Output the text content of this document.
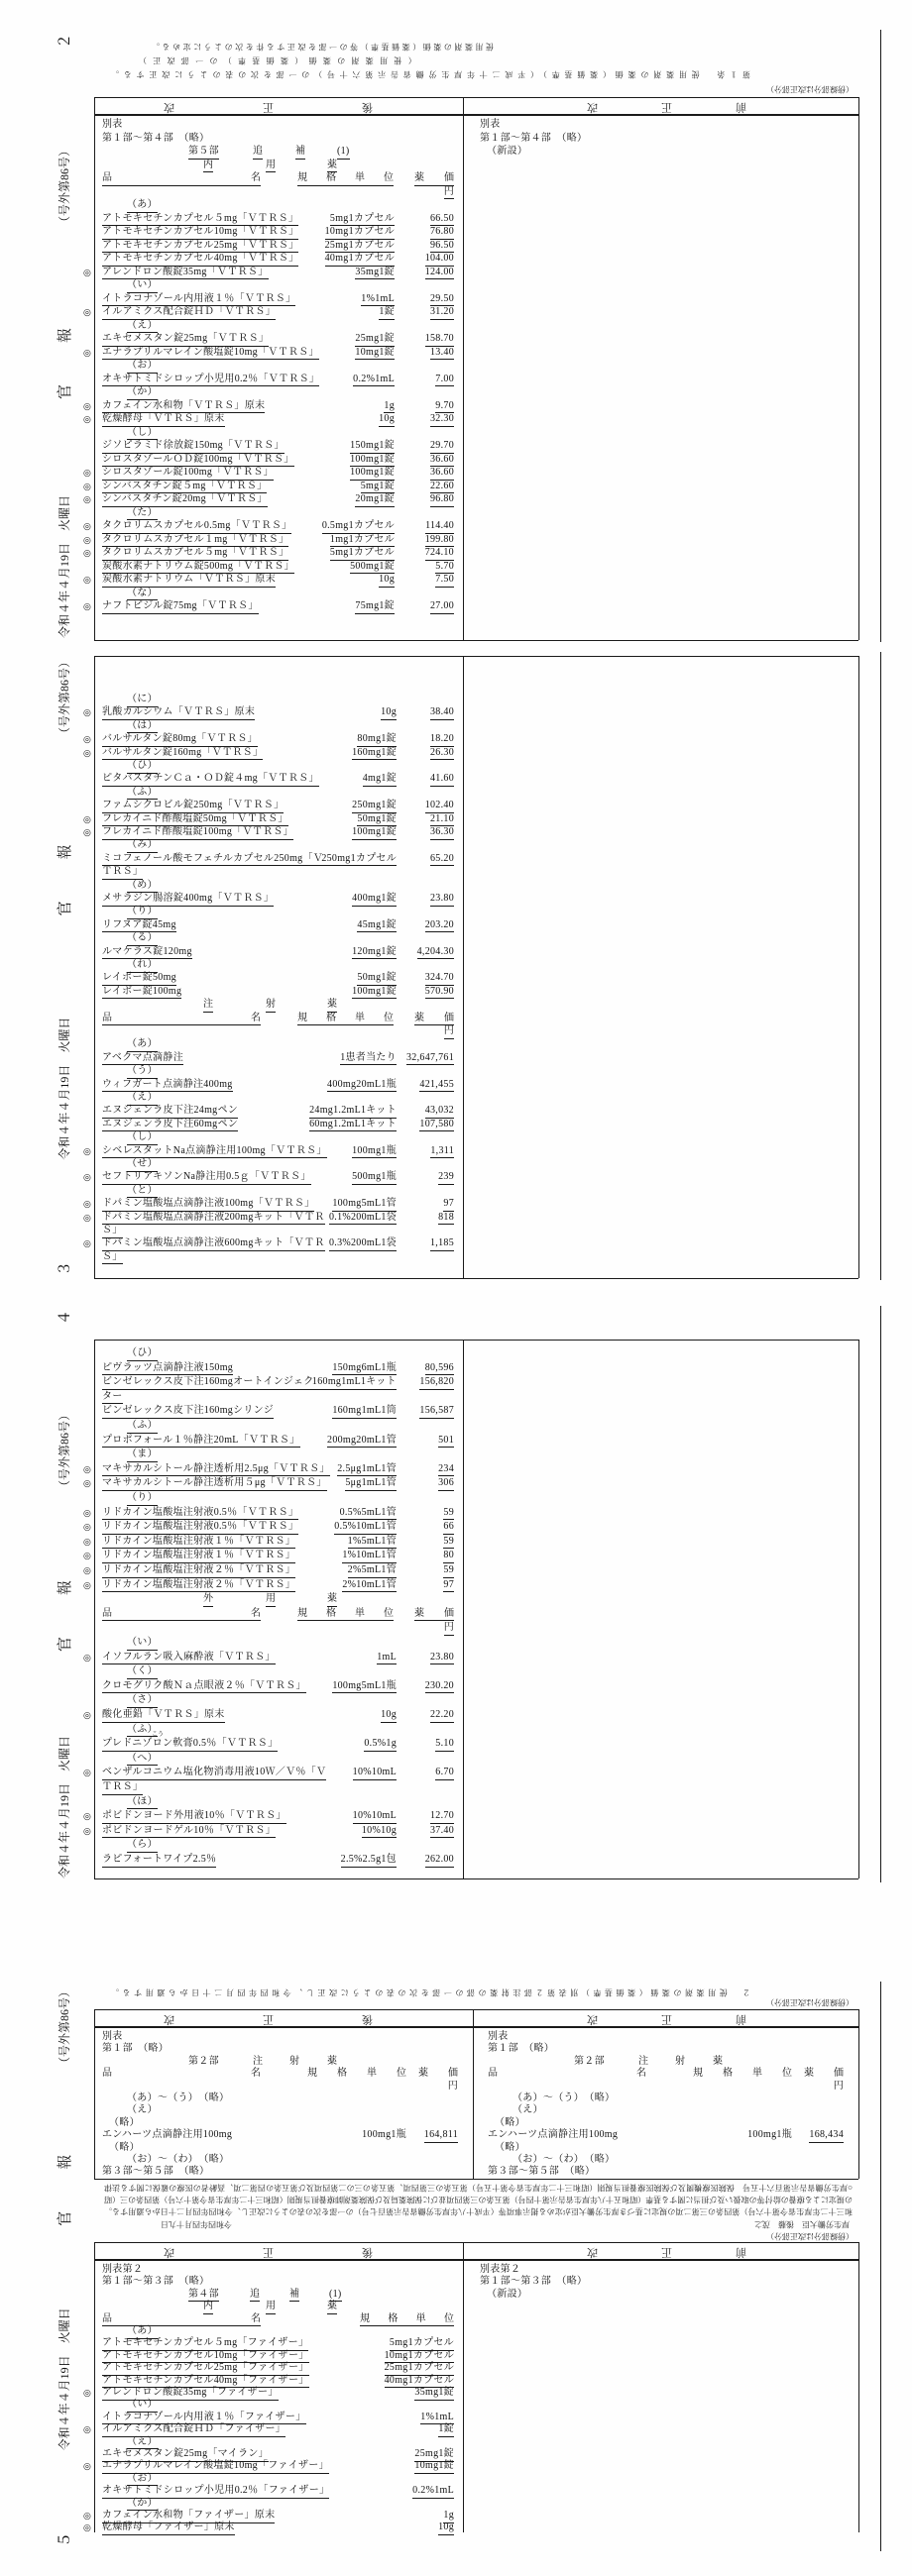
令和４年４月19日　火曜日
官　　報
（号外第86号）
２	使用薬剤の薬価（薬価基準）等の一部を改正する件を次のように定める。
　（使用薬剤の薬価（薬価基準）の一部改正）
第１条　使用薬剤の薬価（薬価基準）（平成二十年厚生労働省告示第六十号）の一部を次の表のように改正する。
（傍線部分は改正部分）
改	正	後	改	正	前
別表
第１部～第４部　（略）
第５部	追	補	(1)
内	用	薬
品	名	規 格 単 位 薬 価
円
（あ）
アトモキセチンカプセル５mg「ＶＴＲＳ」	5mg1カプセル	66.50
アトモキセチンカプセル10mg「ＶＴＲＳ」	10mg1カプセル	76.80
アトモキセチンカプセル25mg「ＶＴＲＳ」	25mg1カプセル	96.50
アトモキセチンカプセル40mg「ＶＴＲＳ」	40mg1カプセル	104.00
◎ アレンドロン酸錠35mg「ＶＴＲＳ」	35mg1錠	124.00
（い）
イトラコナゾール内用液１％「ＶＴＲＳ」	1%1mL	29.50
◎ イルアミクス配合錠ＨＤ「ＶＴＲＳ」	1錠	31.20
（え）
エキセメスタン錠25mg「ＶＴＲＳ」	25mg1錠	158.70
◎ エナラプリルマレイン酸塩錠10mg「ＶＴＲＳ」	10mg1錠	13.40
（お）
オキサトミドシロップ小児用0.2％「ＶＴＲＳ」	0.2%1mL	7.00
（か）
◎ カフェイン水和物「ＶＴＲＳ」原末	1g	9.70
◎ 乾燥酵母「ＶＴＲＳ」原末	10g	32.30
（し）
ジソピラミド徐放錠150mg「ＶＴＲＳ」	150mg1錠	29.70
シロスタゾールＯＤ錠100mg「ＶＴＲＳ」	100mg1錠	36.60
◎ シロスタゾール錠100mg「ＶＴＲＳ」	100mg1錠	36.60
◎ シンバスタチン錠５mg「ＶＴＲＳ」	5mg1錠	22.60
◎ シンバスタチン錠20mg「ＶＴＲＳ」	20mg1錠	96.80
（た）
◎ タクロリムスカプセル0.5mg「ＶＴＲＳ」	0.5mg1カプセル	114.40
◎ タクロリムスカプセル１mg「ＶＴＲＳ」	1mg1カプセル	199.80
◎ タクロリムスカプセル５mg「ＶＴＲＳ」	5mg1カプセル	724.10
炭酸水素ナトリウム錠500mg「ＶＴＲＳ」	500mg1錠	5.70
◎ 炭酸水素ナトリウム「ＶＴＲＳ」原末	10g	7.50
（な）
◎ ナフトピジル錠75mg「ＶＴＲＳ」	75mg1錠	27.00
別表
第１部～第４部　（略）
（新設）
３
令和４年４月19日　火曜日
官　　報
（号外第86号）	（に）
◎ 乳酸カルシウム「ＶＴＲＳ」原末	10g	38.40
（は）
◎ バルサルタン錠80mg「ＶＴＲＳ」	80mg1錠	18.20
◎ バルサルタン錠160mg「ＶＴＲＳ」	160mg1錠	26.30
（ひ）
ピタバスタチンＣａ・ＯＤ錠４mg「ＶＴＲＳ」	4mg1錠	41.60
（ふ）
ファムシクロビル錠250mg「ＶＴＲＳ」	250mg1錠	102.40
◎ フレカイニド酢酸塩錠50mg「ＶＴＲＳ」	50mg1錠	21.10
◎ フレカイニド酢酸塩錠100mg「ＶＴＲＳ」	100mg1錠	36.30
（み）
ミコフェノール酸モフェチルカプセル250mg「Ｖ
250mg1カプセル	65.20
ＴＲＳ」
（め）
メサラジン腸溶錠400mg「ＶＴＲＳ」	400mg1錠	23.80
（り）
リフヌア錠45mg	45mg1錠	203.20
（る）
ルマケラス錠120mg	120mg1錠 4,204.30
（れ）
レイボー錠50mg	50mg1錠	324.70
レイボー錠100mg	100mg1錠	570.90
注	射	薬
品	名	規 格 単 位 薬 価
円
（あ）
アベクマ点滴静注	1患者当たり 32,647,761
（う）
ウィフガート点滴静注400mg	400mg20mL1瓶 421,455
（え）
エヌジェンラ皮下注24mgペン	24mg1.2mL1キット	43,032
エヌジェンラ皮下注60mgペン	60mg1.2mL1キット 107,580
（し）
◎ シベレスタットNa点滴静注用100mg「ＶＴＲＳ」	100mg1瓶	1,311
（せ）
◎ セフトリアキソンNa静注用0.5ｇ「ＶＴＲＳ」	500mg1瓶	239
（と）
◎ ドパミン塩酸塩点滴静注液100mg「ＶＴＲＳ」 100mg5mL1管	97
◎ ドパミン塩酸塩点滴静注液200mgキット「ＶＴＲ 0.1%200mL1袋	818
Ｓ」
◎ ドパミン塩酸塩点滴静注液600mgキット「ＶＴＲ 0.3%200mL1袋	1,185
Ｓ」
令和４年４月19日　火曜日
官　　報
（号外第86号）
４
（ひ）
ピヴラッツ点滴静注液150mg	150mg6mL1瓶	80,596
ビンゼレックス皮下注160mgオートインジェク
160mg1mL1キット 156,820
ター
ビンゼレックス皮下注160mgシリンジ	160mg1mL1筒 156,587
（ふ）
プロポフォール１％静注20mL「ＶＴＲＳ」	200mg20mL1管	501
（ま）
◎ マキサカルシトール静注透析用2.5μg「ＶＴＲＳ」 2.5μg1mL1管	234
◎ マキサカルシトール静注透析用５μg「ＶＴＲＳ」 5μg1mL1管	306
（り）
◎ リドカイン塩酸塩注射液0.5％「ＶＴＲＳ」	0.5%5mL1管	59
◎ リドカイン塩酸塩注射液0.5％「ＶＴＲＳ」	0.5%10mL1管	66
◎ リドカイン塩酸塩注射液１％「ＶＴＲＳ」	1%5mL1管	59
◎ リドカイン塩酸塩注射液１％「ＶＴＲＳ」	1%10mL1管	80
◎ リドカイン塩酸塩注射液２％「ＶＴＲＳ」	2%5mL1管	59
◎ リドカイン塩酸塩注射液２％「ＶＴＲＳ」	2%10mL1管	97
外	用	薬
品	名	規 格 単 位 薬 価
円
（い）
◎ イソフルラン吸入麻酔液「ＶＴＲＳ」	1mL	23.80
（く）
クロモグリク酸Ｎａ点眼液２％「ＶＴＲＳ」	100mg5mL1瓶	230.20
（さ）
◎ 酸化亜鉛「ＶＴＲＳ」原末	10g	22.20
（ふ）
プレドニゾロン軟膏0.5％「ＶＴＲＳ」
こう
0.5%1g	5.10
（へ）
◎ ベンザルコニウム塩化物消毒用液10Ｗ／Ｖ％「Ｖ	10%10mL	6.70
ＴＲＳ」
（ほ）
◎ ポビドンヨード外用液10％「ＶＴＲＳ」	10%10mL	12.70
◎ ポビドンヨードゲル10％「ＶＴＲＳ」	10%10g	37.40
（ら）
ラピフォートワイプ2.5％	2.5%2.5g1包	262.00
５
令和４年４月19日　火曜日
官　　報
（号外第86号）	２　使用薬剤の薬価（薬価基準）別表第２部注射薬の部の一部を次の表のように改正し、令和四年四月二十日から適用する。
（傍線部分は改正部分）
○厚生労働省告示第百六十五号　保険医療機関及び保険医療養担当規則（昭和三十二年厚生省令第十五号）第五条の三第四項、第五条の三の二第四項及び第五条の四第二項、高齢者の医療の確保に関する法律
の規定による療養の給付等の取扱い及び担当に関する基準（昭和五十八年厚生省告示第十四号）第五条の三第四項並びに保険薬局及び保険薬剤師療養担当規則（昭和三十二年厚生省令第十六号）第四条の三（昭
和三十二年厚生省令第十六号）第四条の三第二項の規定に基づき厚生労働大臣が定める掲示事項等（平成十八年厚生労働省告示第百七号）の一部を次の表のように改正し、令和四年四月二十日から適用する。
　令和四年四月十九日	厚生労働大臣　後藤　茂之
（傍線部分は改正部分）
改	正	後	改	正	前
別表
第１部　（略）
第２部	注	射	薬
品	名	規 格 単 位 薬 価
円
（あ）～（う）　（略）
（え）
（略）
エンハーツ点滴静注用100mg	100mg1瓶 164,811
（略）
（お）～（わ）　（略）
第３部～第５部　（略）
別表
第１部　（略）
第２部	注	射	薬
品	名	規 格 単 位 薬 価
円
（あ）～（う）　（略）
（え）
（略）
エンハーツ点滴静注用100mg	100mg1瓶 168,434
（略）
（お）～（わ）　（略）
第３部～第５部　（略）
改	正	後	改	正	前
別表第２
第１部～第３部　（略）
第４部	追	補	(1)
内	用	薬
品	名	規 格 単 位
（あ）
アトモキセチンカプセル５mg「ファイザー」	5mg1カプセル
アトモキセチンカプセル10mg「ファイザー」	10mg1カプセル
アトモキセチンカプセル25mg「ファイザー」	25mg1カプセル
アトモキセチンカプセル40mg「ファイザー」	40mg1カプセル
◎ アレンドロン酸錠35mg「ファイザー」	35mg1錠
（い）
イトラコナゾール内用液１％「ファイザー」	1%1mL
◎ イルアミクス配合錠ＨＤ「ファイザー」	1錠
（え）
エキセメスタン錠25mg「マイラン」	25mg1錠
◎ エナラプリルマレイン酸塩錠10mg「ファイザー」	10mg1錠
（お）
オキサトミドシロップ小児用0.2％「ファイザー」	0.2%1mL
（か）
◎ カフェイン水和物「ファイザー」原末	1g
◎ 乾燥酵母「ファイザー」原末	10g
別表第２
第１部～第３部　（略）
（新設）
